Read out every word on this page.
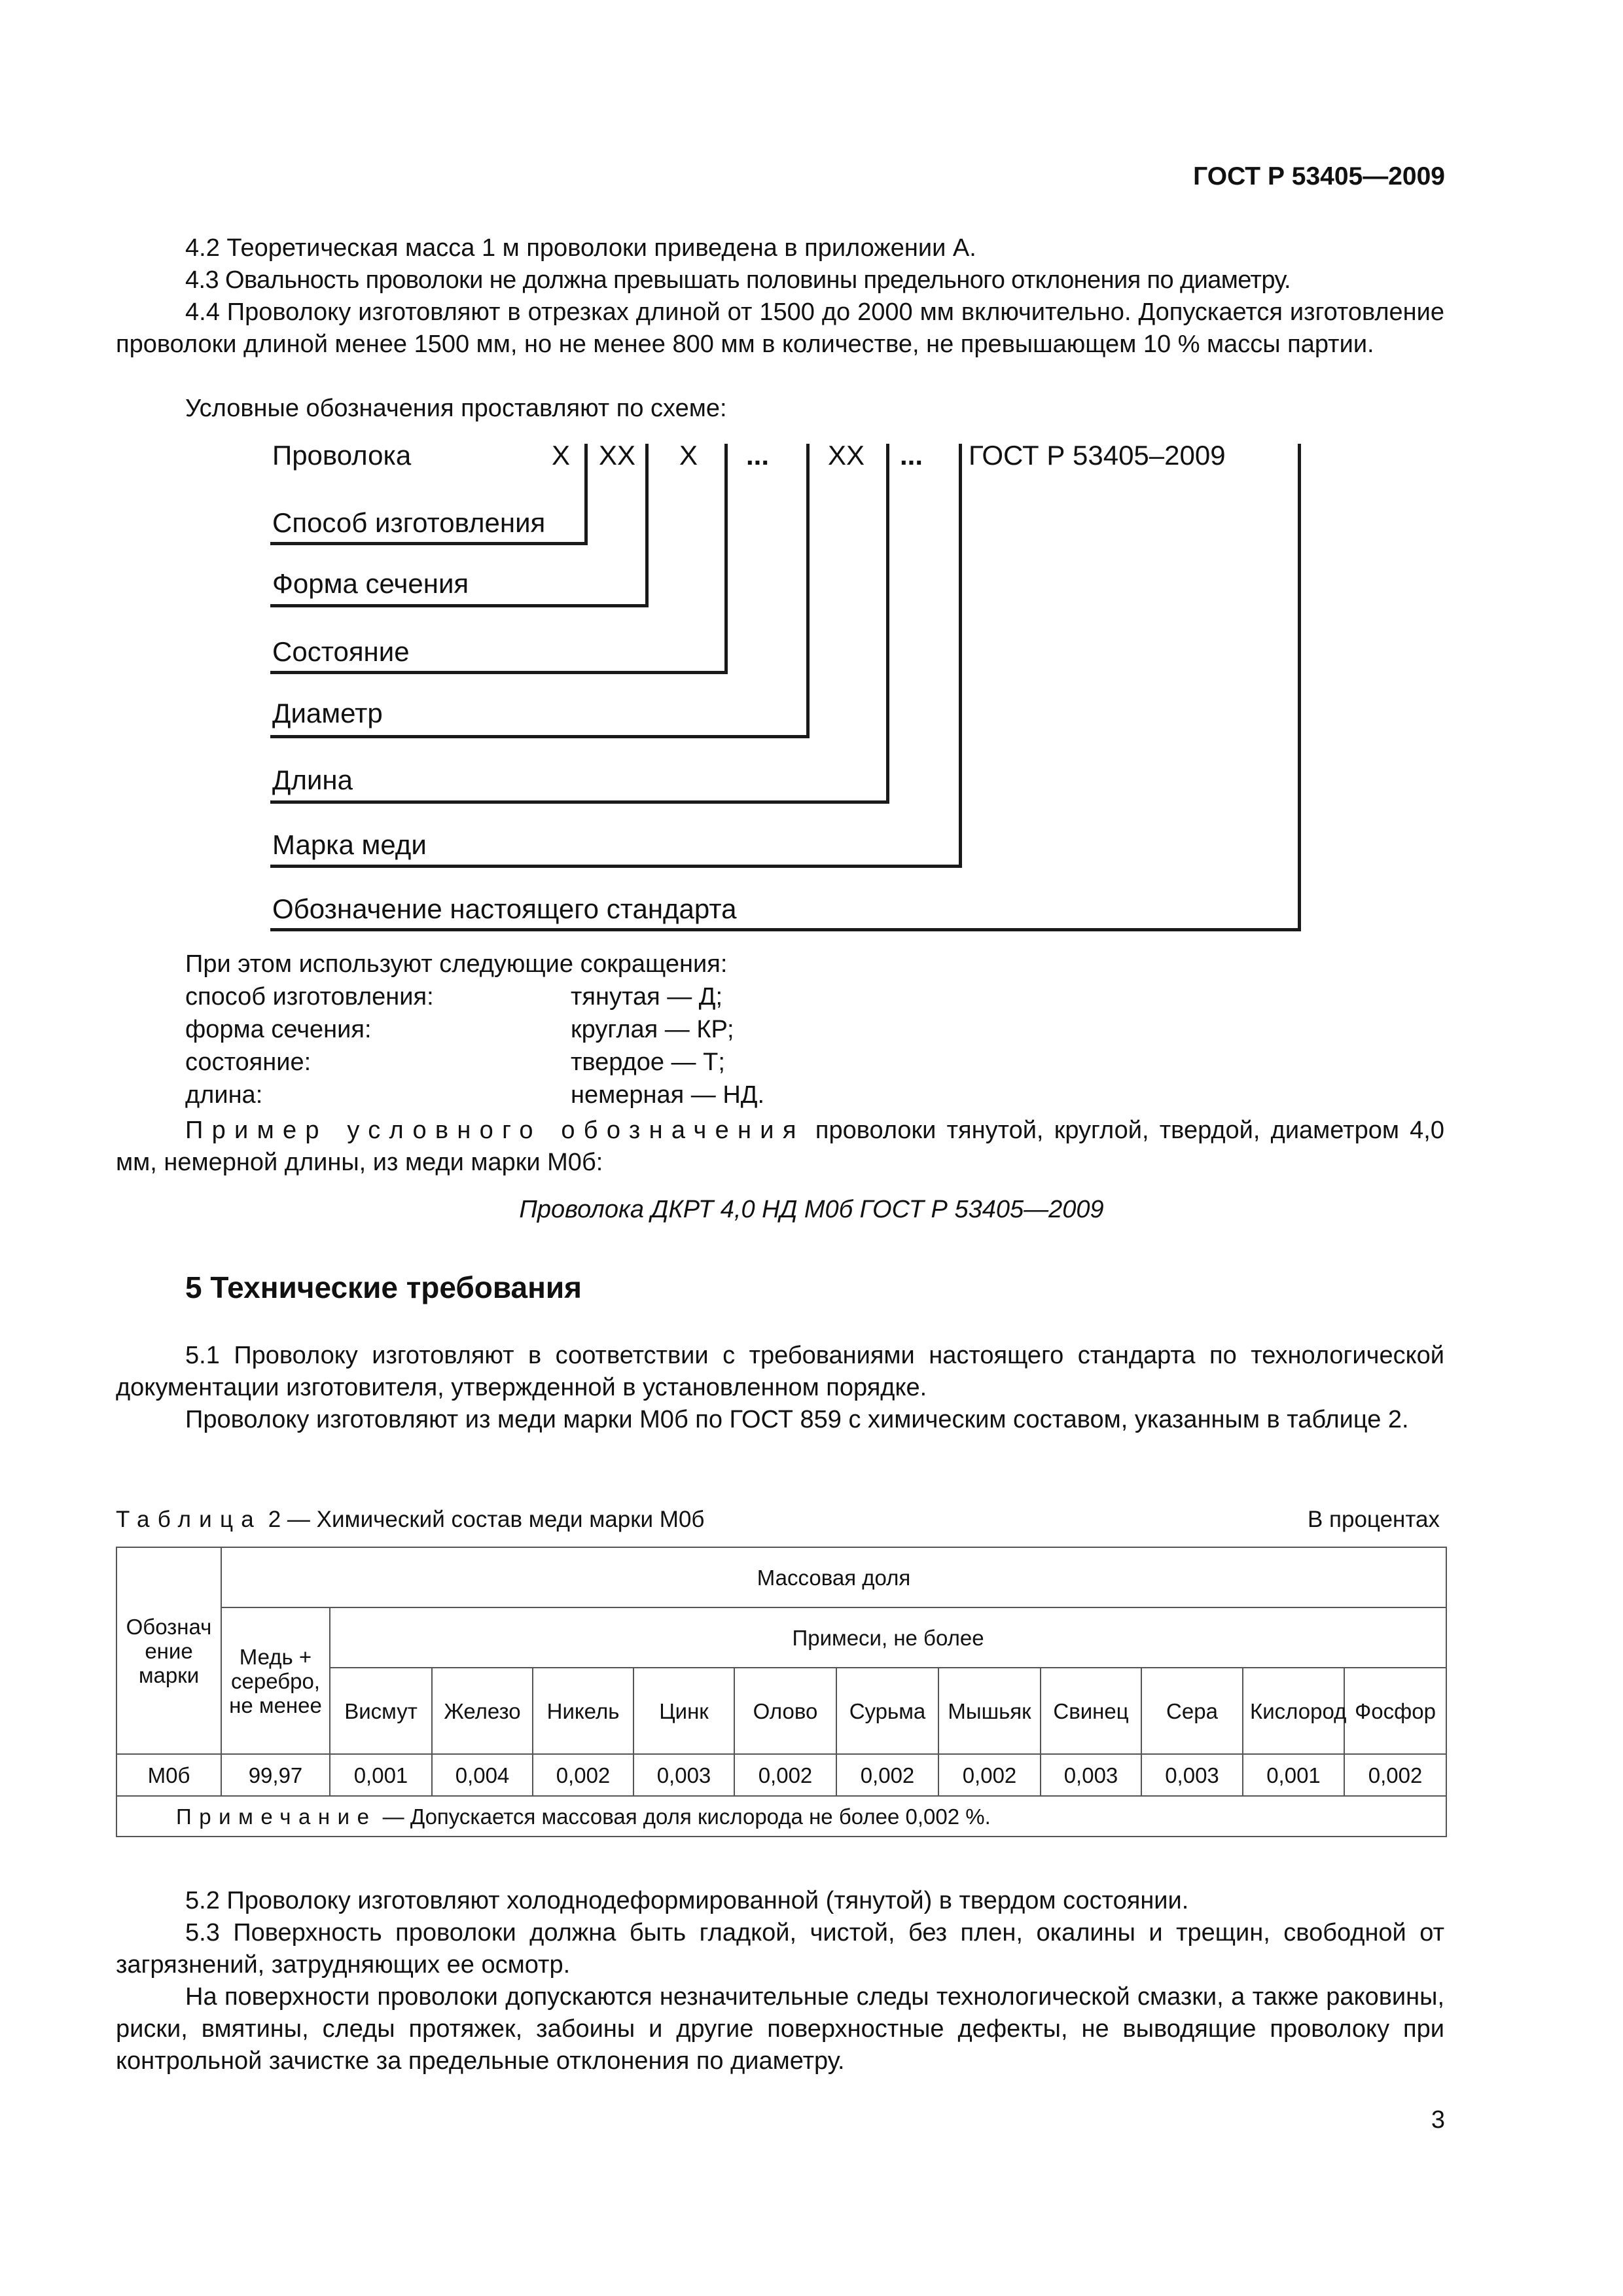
ГОСТ Р 53405—2009

4.2 Теоретическая масса 1 м проволоки приведена в приложении А.

4.3 Овальность проволоки не должна превышать половины предельного отклонения по диаметру.

4.4 Проволоку изготовляют в отрезках длиной от 1500 до 2000 мм включительно. Допускается изготовление проволоки длиной менее 1500 мм, но не менее 800 мм в количестве, не превышающем 10 % массы партии.

Условные обозначения проставляют по схеме:

Проволока	Х ХХ Х ... ХХ ... ГОСТ Р 53405–2009
Способ изготовления
Форма сечения
Состояние
Диаметр
Длина
Марка меди
Обозначение настоящего стандарта
При этом используют следующие сокращения:
способ изготовления:	тянутая — Д;
форма сечения:	круглая — КР;
состояние:	твердое — Т;
длина:	немерная — НД.

Пример условного обозначения проволоки тянутой, круглой, твердой, диаметром 4,0 мм, немерной длины, из меди марки М0б:

Проволока ДКРТ 4,0 НД М0б ГОСТ Р 53405—2009
5 Технические требования

5.1 Проволоку изготовляют в соответствии с требованиями настоящего стандарта по технологической документации изготовителя, утвержденной в установленном порядке.

Проволоку изготовляют из меди марки М0б по ГОСТ 859 с химическим составом, указанным в таблице 2.

Таблица 2 — Химический состав меди марки М0б	В процентах
Обозначение марки	Массовая доля											
	Медь + серебро, не менее	Примеси, не более										
		Висмут	Железо	Никель	Цинк	Олово	Сурьма	Мышьяк	Свинец	Сера	Кислород	Фосфор
М0б	99,97	0,001	0,004	0,002	0,003	0,002	0,002	0,002	0,003	0,003	0,001	0,002
Примечание — Допускается массовая доля кислорода не более 0,002 %.												

5.2 Проволоку изготовляют холоднодеформированной (тянутой) в твердом состоянии.

5.3 Поверхность проволоки должна быть гладкой, чистой, без плен, окалины и трещин, свободной от загрязнений, затрудняющих ее осмотр.

На поверхности проволоки допускаются незначительные следы технологической смазки, а также раковины, риски, вмятины, следы протяжек, забоины и другие поверхностные дефекты, не выводящие проволоку при контрольной зачистке за предельные отклонения по диаметру.

3
